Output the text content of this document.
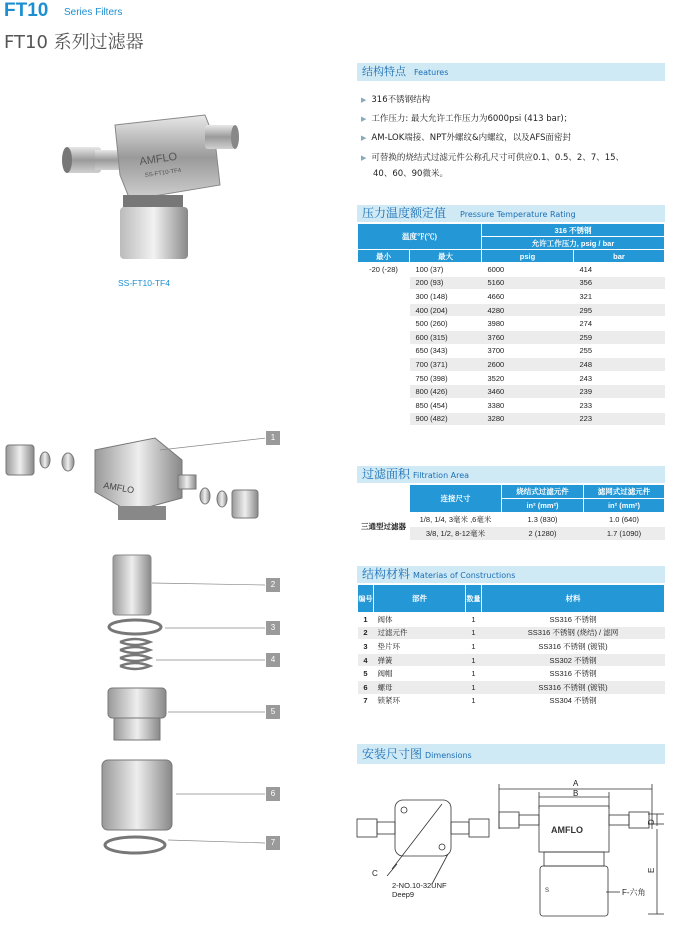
FT10 Series Filters
FT10 系列过滤器
AMFLO
SS-FT10-TF4
SS-FT10-TF4
AMFLO
1
2
3
4
5
6
7
结构特点 Features
▶ 316不锈钢结构
▶ 工作压力: 最大允许工作压力为6000psi (413 bar)；
▶ AM-LOK端接、NPT外螺纹&内螺纹，以及AFS面密封
▶ 可替换的烧结式过滤元件公称孔尺寸可供应0.1、0.5、2、7、15、
40、60、90微米。
压力温度额定值 Pressure Temperature Rating
温度℉(℃)		316 不锈钢	
		允许工作压力, psig / bar	
最小	最大	psig	bar
-20 (-28)	100 (37)	6000	414
	200 (93)	5160	356
	300 (148)	4660	321
	400 (204)	4280	295
	500 (260)	3980	274
	600 (315)	3760	259
	650 (343)	3700	255
	700 (371)	2600	248
	750 (398)	3520	243
	800 (426)	3460	239
	850 (454)	3380	233
	900 (482)	3280	223
过滤面积 Filtration Area
	连接尺寸	烧结式过滤元件	滤网式过滤元件
		in² (mm²)	in² (mm²)
三通型过滤器	1/8, 1/4, 3毫米 ,6毫米	1.3 (830)	1.0 (640)
	3/8, 1/2, 8-12毫米	2 (1280)	1.7 (1090)
结构材料 Materias of Constructions
编号	部件	数量	材料
1	阀体	1	SS316 不锈钢
2	过滤元件	1	SS316 不锈钢 (烧结) / 滤网
3	垫片环	1	SS316 不锈钢 (镀银)
4	弹簧	1	SS302 不锈钢
5	阀帽	1	SS316 不锈钢
6	螺母	1	SS316 不锈钢 (镀银)
7	锁紧环	1	SS304 不锈钢
安装尺寸图 Dimensions
C
2-NO.10-32UNF
Deep9
A
B
D
E
AMFLO
S	F-六角
